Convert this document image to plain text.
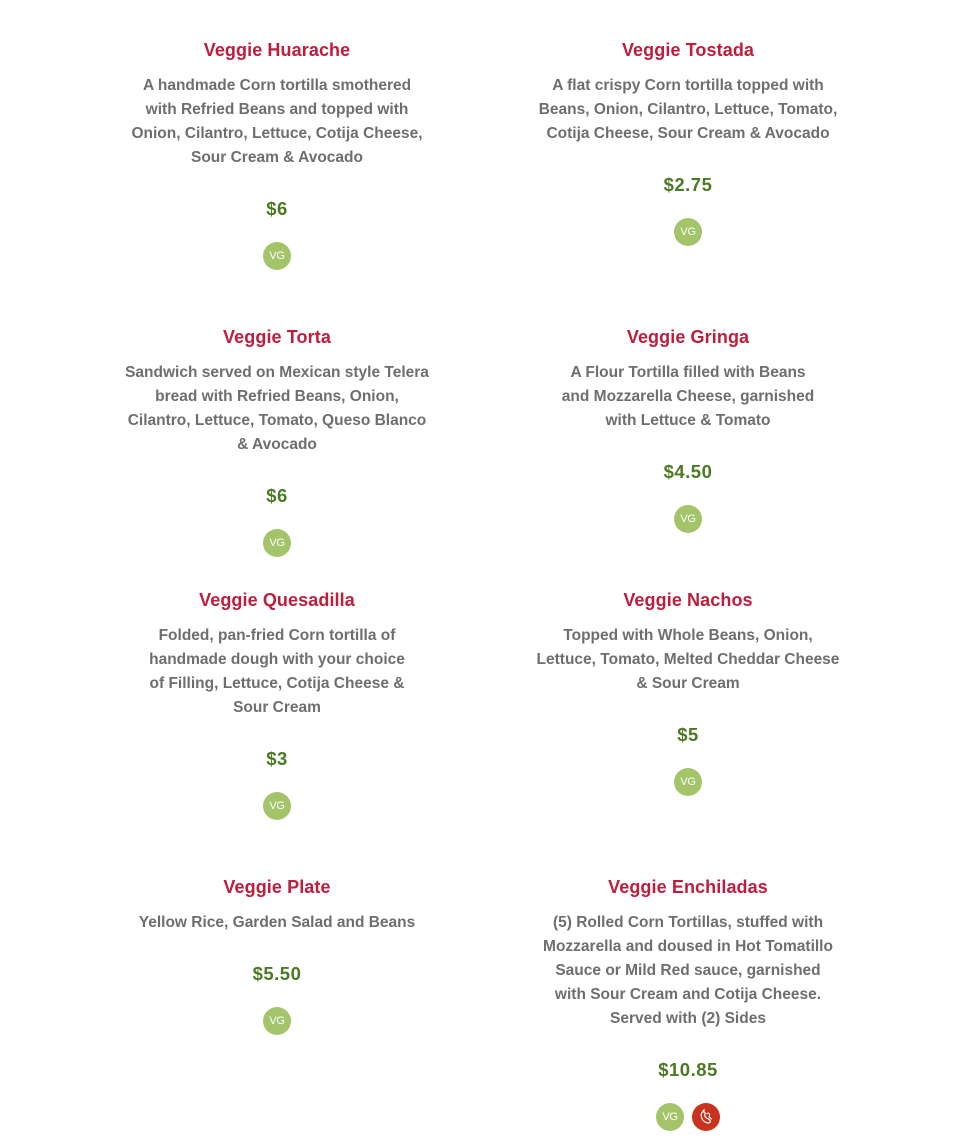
Veggie Huarache
A handmade Corn tortilla smothered with Refried Beans and topped with Onion, Cilantro, Lettuce, Cotija Cheese, Sour Cream & Avocado
$6
VG
Veggie Tostada
A flat crispy Corn tortilla topped with Beans, Onion, Cilantro, Lettuce, Tomato, Cotija Cheese, Sour Cream & Avocado
$2.75
VG
Veggie Torta
Sandwich served on Mexican style Telera bread with Refried Beans, Onion, Cilantro, Lettuce, Tomato, Queso Blanco & Avocado
$6
VG
Veggie Gringa
A Flour Tortilla filled with Beans and Mozzarella Cheese, garnished with Lettuce & Tomato
$4.50
VG
Veggie Quesadilla
Folded, pan-fried Corn tortilla of handmade dough with your choice of Filling, Lettuce, Cotija Cheese & Sour Cream
$3
VG
Veggie Nachos
Topped with Whole Beans, Onion, Lettuce, Tomato, Melted Cheddar Cheese & Sour Cream
$5
VG
Veggie Plate
Yellow Rice, Garden Salad and Beans
$5.50
VG
Veggie Enchiladas
(5) Rolled Corn Tortillas, stuffed with Mozzarella and doused in Hot Tomatillo Sauce or Mild Red sauce, garnished with Sour Cream and Cotija Cheese. Served with (2) Sides
$10.85
VG
